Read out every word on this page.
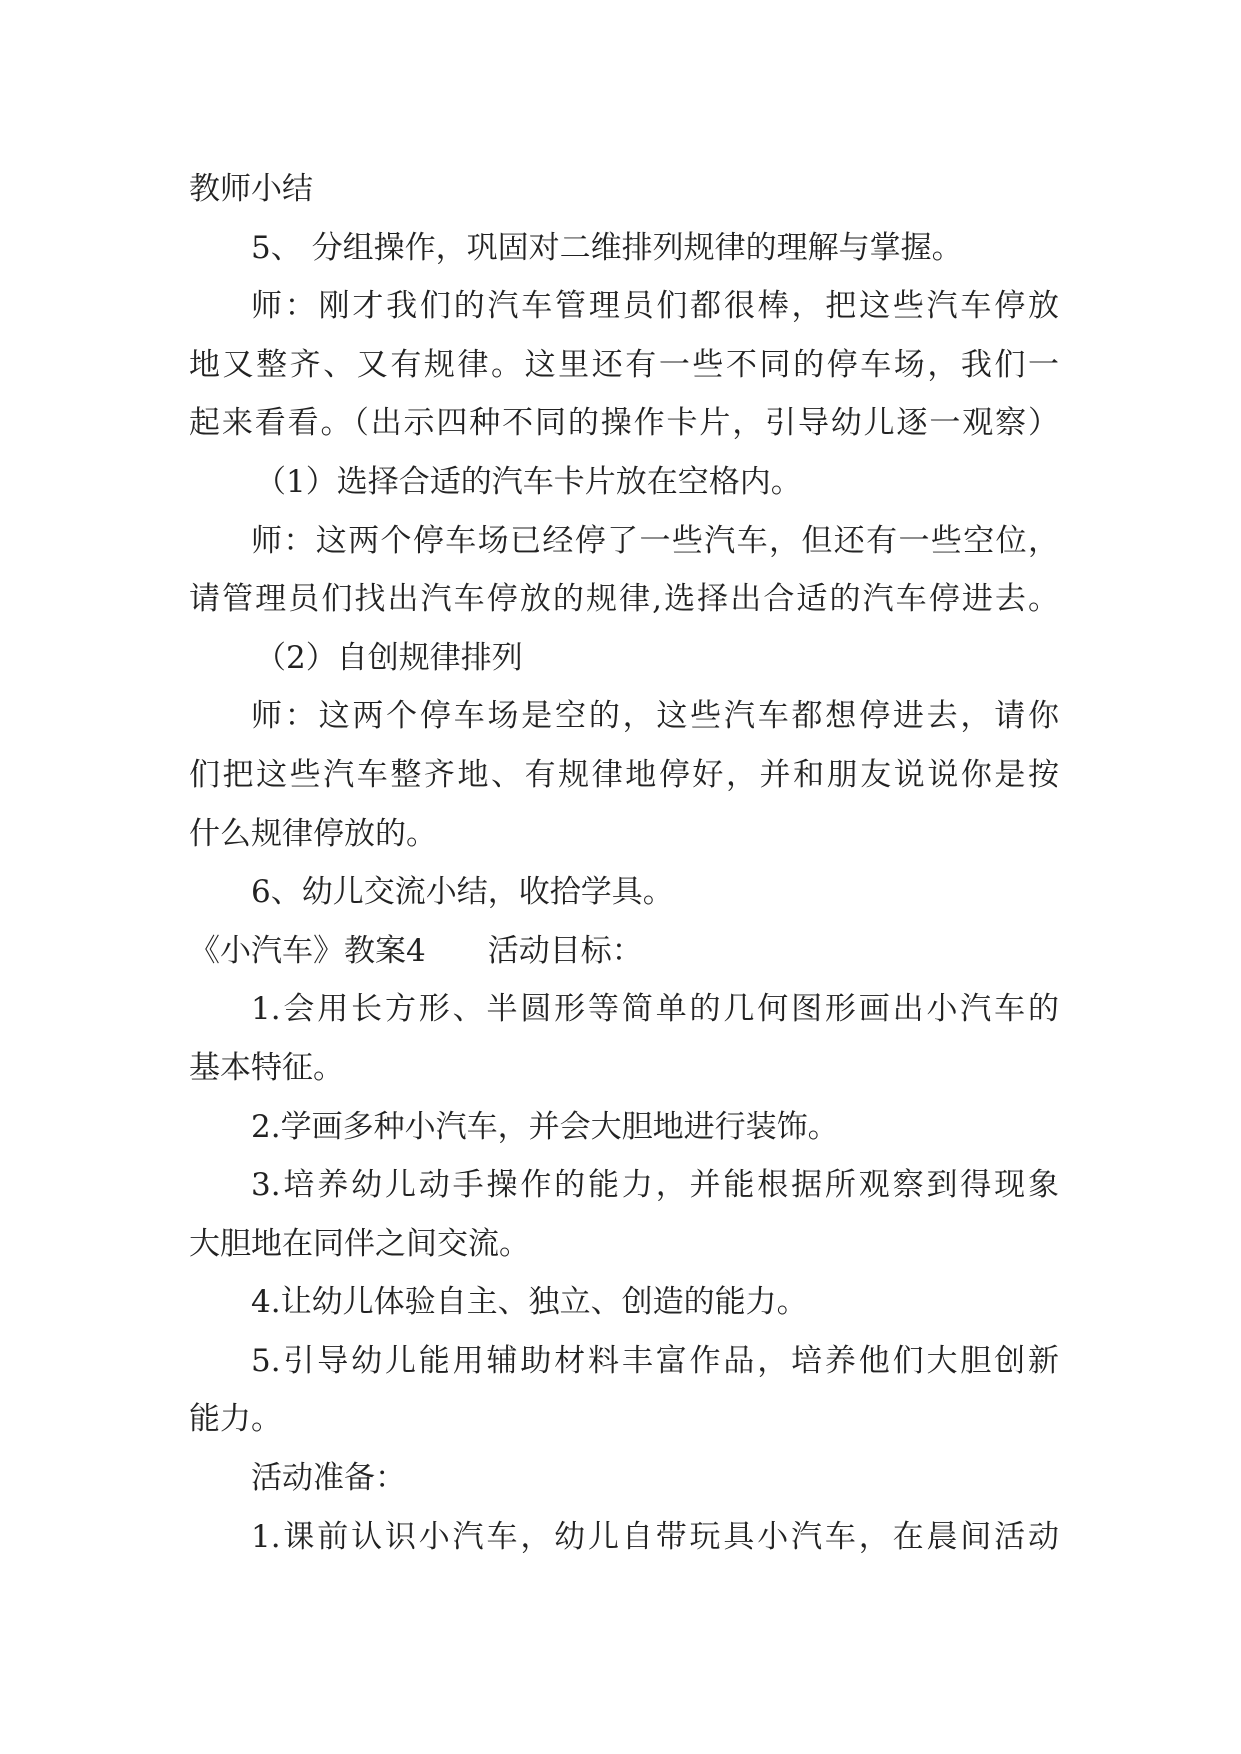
教师小结
5、 分组操作，巩固对二维排列规律的理解与掌握。
师：刚才我们的汽车管理员们都很棒，把这些汽车停放
地又整齐、又有规律。这里还有一些不同的停车场，我们一
起来看看。（出示四种不同的操作卡片，引导幼儿逐一观察）
（1）选择合适的汽车卡片放在空格内。
师：这两个停车场已经停了一些汽车，但还有一些空位，
请管理员们找出汽车停放的规律,选择出合适的汽车停进去。
（2）自创规律排列
师：这两个停车场是空的，这些汽车都想停进去，请你
们把这些汽车整齐地、有规律地停好，并和朋友说说你是按
什么规律停放的。
6、幼儿交流小结，收拾学具。
《小汽车》教案4 活动目标：
1.会用长方形、半圆形等简单的几何图形画出小汽车的
基本特征。
2.学画多种小汽车，并会大胆地进行装饰。
3.培养幼儿动手操作的能力，并能根据所观察到得现象
大胆地在同伴之间交流。
4.让幼儿体验自主、独立、创造的能力。
5.引导幼儿能用辅助材料丰富作品，培养他们大胆创新
能力。
活动准备：
1.课前认识小汽车，幼儿自带玩具小汽车，在晨间活动
